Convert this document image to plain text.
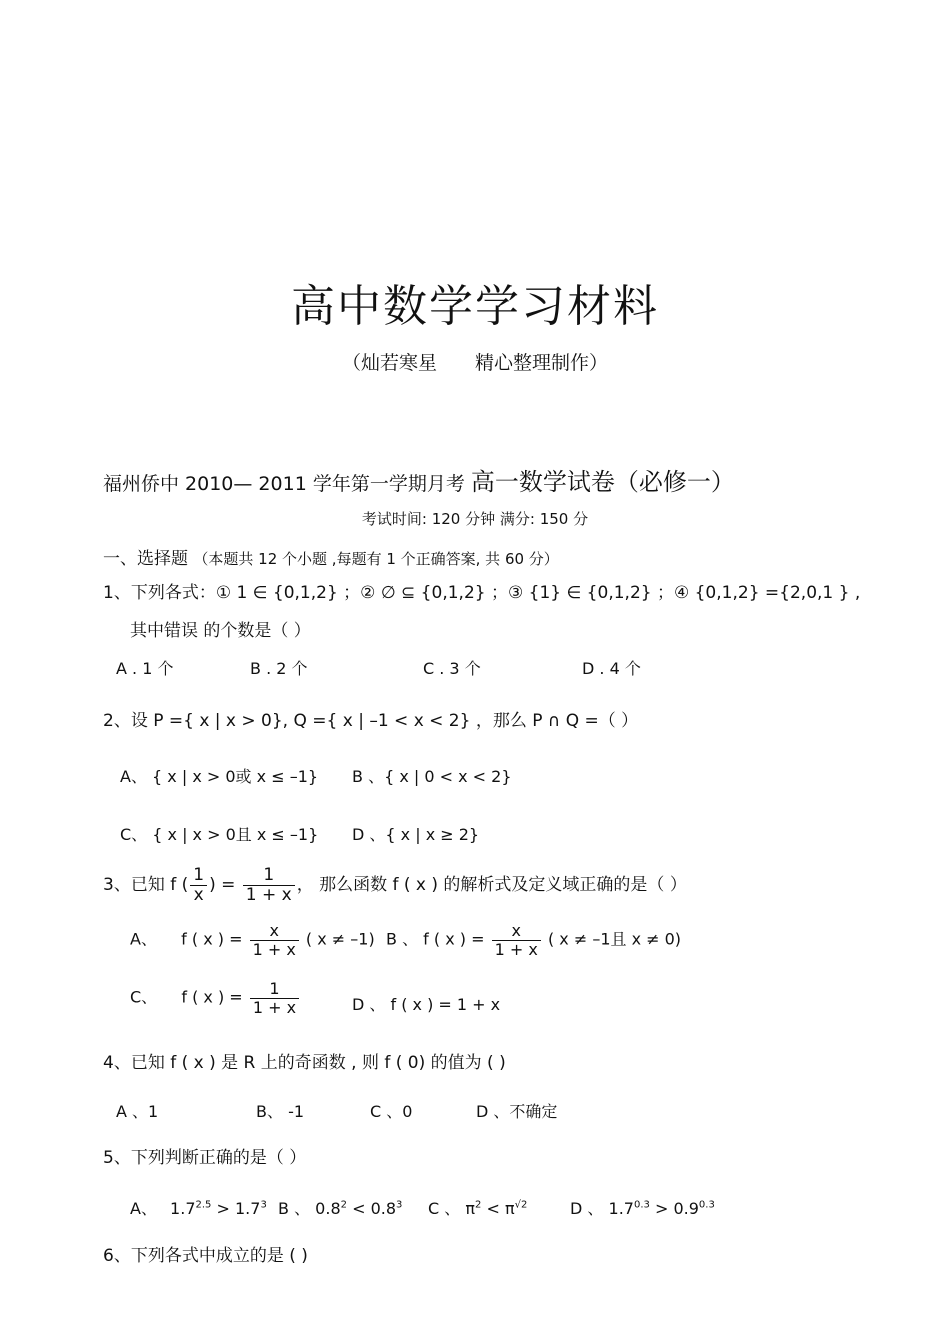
高中数学学习材料
（灿若寒星　　精心整理制作）
福州侨中 2010— 2011 学年第一学期月考 高一数学试卷（必修一）
考试时间: 120 分钟 满分: 150 分
一、选择题 （本题共 12 个小题 ,每题有 1 个正确答案, 共 60 分）
1、下列各式：① 1 ∈ {0,1,2} ；② ∅ ⊆ {0,1,2} ；③ {1} ∈ {0,1,2} ；④ {0,1,2} ={2,0,1 } ,
其中错误 的个数是（ ）
A . 1 个	B . 2 个	C . 3 个	D . 4 个
2、设 P ={ x | x > 0}, Q ={ x | –1 < x < 2} ，那么 P ∩ Q =（ ）
A、 { x | x > 0或 x ≤ –1} B 、{ x | 0 < x < 2}
C、 { x | x > 0且 x ≤ –1} D 、{ x | x ≥ 2}
3、已知 f ( $\frac{1}{x}$ ) = $\frac{1}{1 + x}$ ， 那么函数 f ( x ) 的解析式及定义域正确的是（ ）
A、 f ( x ) = $\frac{x}{1 + x}$ ( x ≠ –1) B 、 f ( x ) = $\frac{x}{1 + x}$ ( x ≠ –1且 x ≠ 0)
C、 f ( x ) = $\frac{1}{1 + x}$	D 、 f ( x ) = 1 + x
4、已知 f ( x ) 是 R 上的奇函数 , 则 f ( 0) 的值为 ( )
A 、1	B、 -1	C 、0	D 、不确定
5、下列判断正确的是（ ）
A、 $1.7^{2.5} > 1.7^3$ B 、 $0.8^2 < 0.8^3$ C 、 $\pi^2 < \pi^{√2}$	D 、 $1.7^{0.3} > 0.9^{0.3}$
6、下列各式中成立的是 ( )
